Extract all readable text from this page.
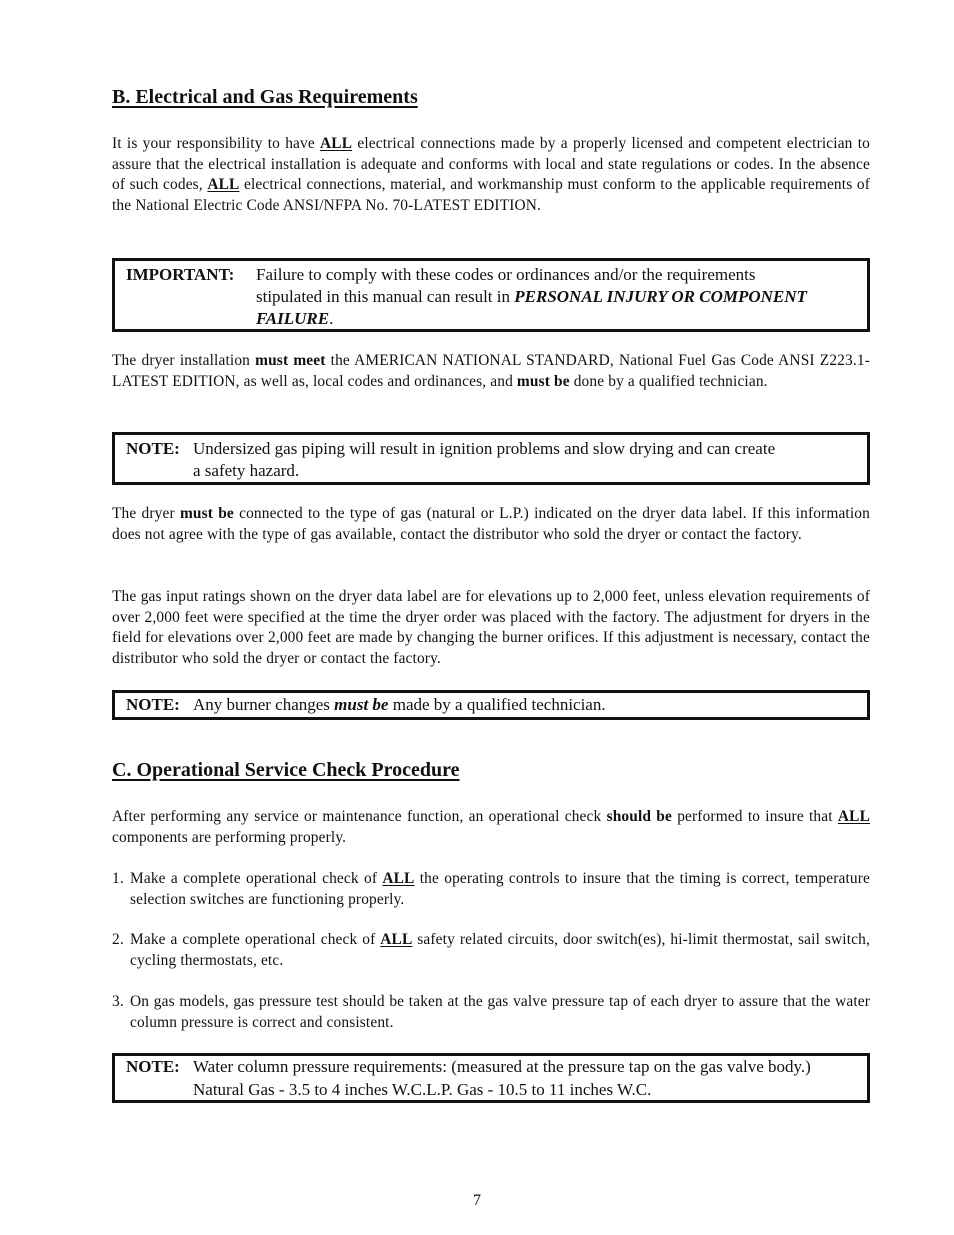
B. Electrical and Gas Requirements

It is your responsibility to have ALL electrical connections made by a properly licensed and competent electrician to assure that the electrical installation is adequate and conforms with local and state regulations or codes. In the absence of such codes, ALL electrical connections, material, and workmanship must conform to the applicable requirements of the National Electric Code ANSI/NFPA No. 70-LATEST EDITION.

IMPORTANT: Failure to comply with these codes or ordinances and/or the requirements
stipulated in this manual can result in PERSONAL INJURY OR COMPONENT
FAILURE.

The dryer installation must meet the AMERICAN NATIONAL STANDARD, National Fuel Gas Code ANSI Z223.1-LATEST EDITION, as well as, local codes and ordinances, and must be done by a qualified technician.

NOTE: Undersized gas piping will result in ignition problems and slow drying and can create
a safety hazard.

The dryer must be connected to the type of gas (natural or L.P.) indicated on the dryer data label. If this information does not agree with the type of gas available, contact the distributor who sold the dryer or contact the factory.

The gas input ratings shown on the dryer data label are for elevations up to 2,000 feet, unless elevation requirements of over 2,000 feet were specified at the time the dryer order was placed with the factory. The adjustment for dryers in the field for elevations over 2,000 feet are made by changing the burner orifices. If this adjustment is necessary, contact the distributor who sold the dryer or contact the factory.

NOTE: Any burner changes must be made by a qualified technician.
C. Operational Service Check Procedure

After performing any service or maintenance function, an operational check should be performed to insure that ALL components are performing properly.

1. Make a complete operational check of ALL the operating controls to insure that the timing is correct, temperature selection switches are functioning properly.
2. Make a complete operational check of ALL safety related circuits, door switch(es), hi-limit thermostat, sail switch, cycling thermostats, etc.
3. On gas models, gas pressure test should be taken at the gas valve pressure tap of each dryer to assure that the water column pressure is correct and consistent.
NOTE: Water column pressure requirements: (measured at the pressure tap on the gas valve body.)
Natural Gas - 3.5 to 4 inches W.C.L.P. Gas - 10.5 to 11 inches W.C.
7
